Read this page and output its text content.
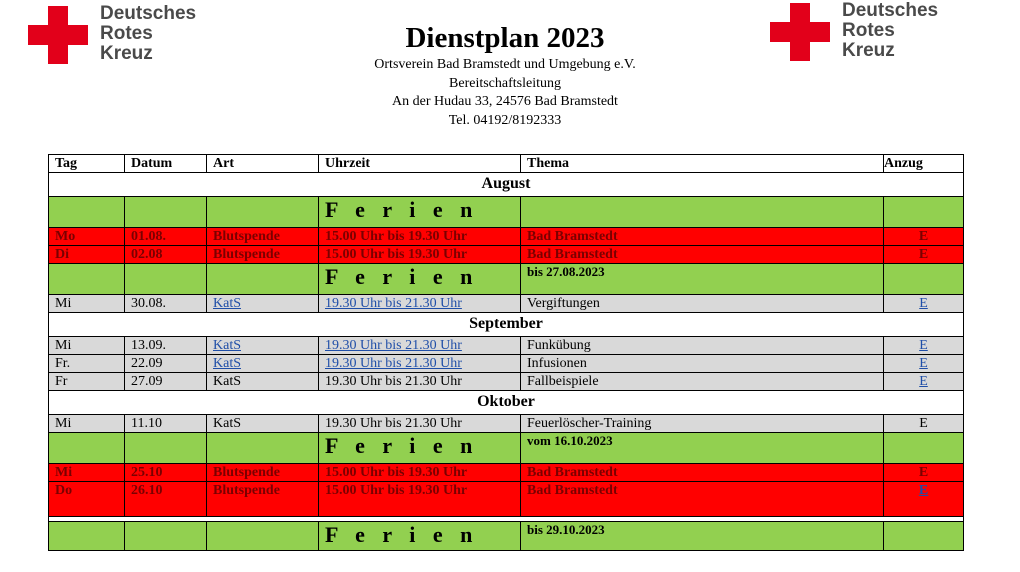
Deutsches
Rotes
Kreuz
Deutsches
Rotes
Kreuz
Dienstplan 2023
Ortsverein Bad Bramstedt und Umgebung e.V.
Bereitschaftsleitung
An der Hudau 33, 24576 Bad Bramstedt
Tel. 04192/8192333
Tag	Datum	Art	Uhrzeit	Thema	Anzug
August					
			F e r i e n		
Mo	01.08.	Blutspende	15.00 Uhr bis 19.30 Uhr	Bad Bramstedt	E
Di	02.08	Blutspende	15.00 Uhr bis 19.30 Uhr	Bad Bramstedt	E
			F e r i e n	bis 27.08.2023	
Mi	30.08.	KatS	19.30 Uhr bis 21.30 Uhr	Vergiftungen	E
September					
Mi	13.09.	KatS	19.30 Uhr bis 21.30 Uhr	Funkübung	E
Fr.	22.09	KatS	19.30 Uhr bis 21.30 Uhr	Infusionen	E
Fr	27.09	KatS	19.30 Uhr bis 21.30 Uhr	Fallbeispiele	E
Oktober					
Mi	11.10	KatS	19.30 Uhr bis 21.30 Uhr	Feuerlöscher-Training	E
			F e r i e n	vom 16.10.2023	
Mi	25.10	Blutspende	15.00 Uhr bis 19.30 Uhr	Bad Bramstedt	E
Do	26.10	Blutspende	15.00 Uhr bis 19.30 Uhr	Bad Bramstedt	E

			F e r i e n	bis 29.10.2023	
